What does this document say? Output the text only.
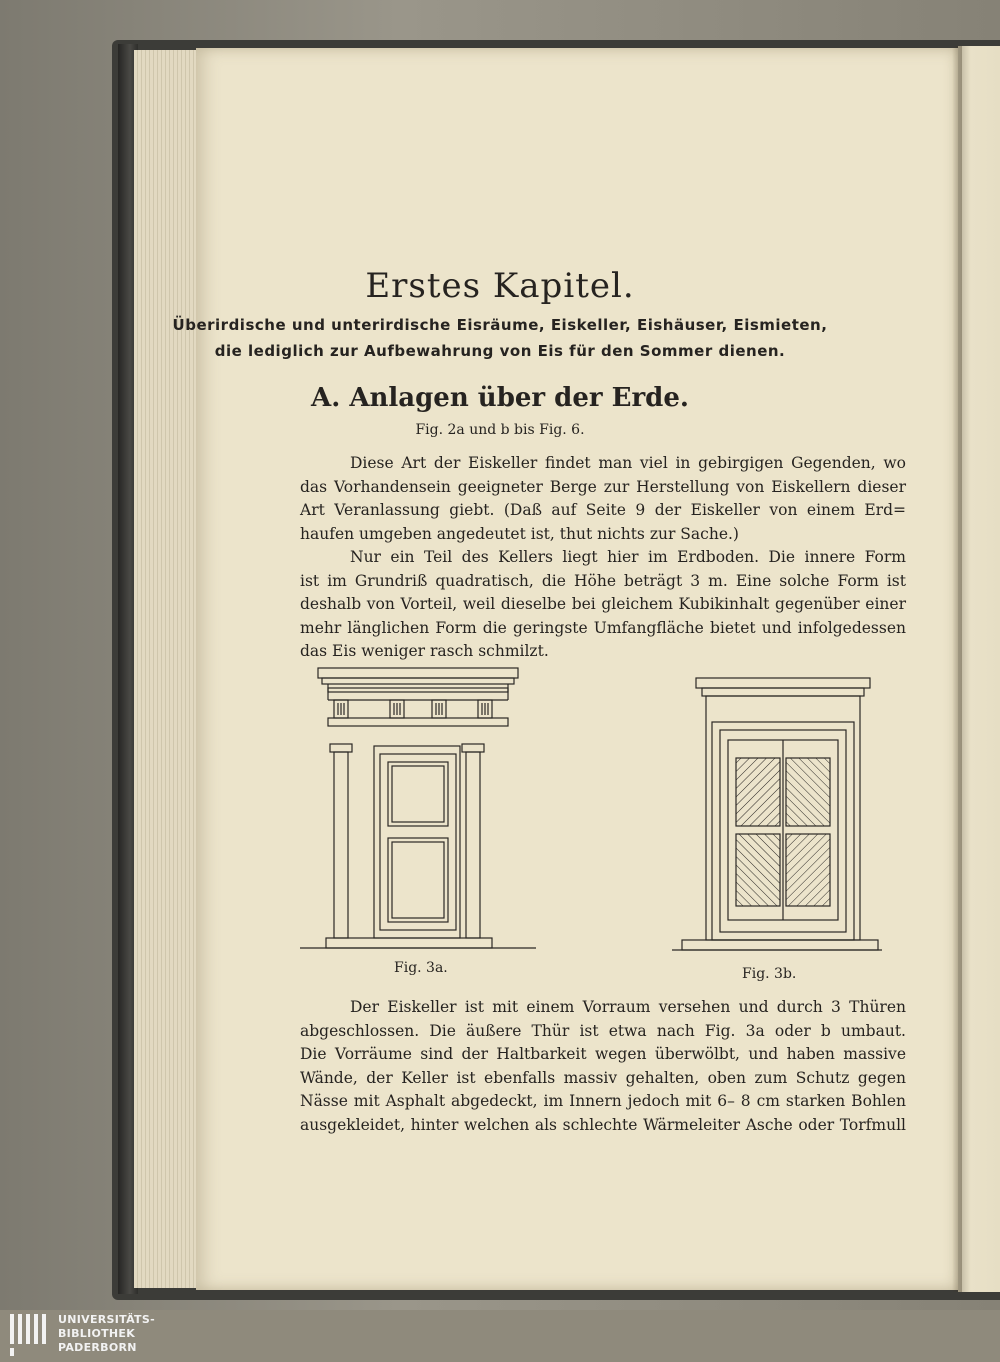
Erstes Kapitel.
Überirdische und unterirdische Eisräume, Eiskeller, Eishäuser, Eismieten,
die lediglich zur Aufbewahrung von Eis für den Sommer dienen.
A. Anlagen über der Erde.
Fig. 2a und b bis Fig. 6.
Diese Art der Eiskeller findet man viel in gebirgigen Gegenden, wo
das Vorhandensein geeigneter Berge zur Herstellung von Eiskellern dieser
Art Veranlassung giebt. (Daß auf Seite 9 der Eiskeller von einem Erd=
haufen umgeben angedeutet ist, thut nichts zur Sache.)
Nur ein Teil des Kellers liegt hier im Erdboden. Die innere Form
ist im Grundriß quadratisch, die Höhe beträgt 3 m. Eine solche Form ist
deshalb von Vorteil, weil dieselbe bei gleichem Kubikinhalt gegenüber einer
mehr länglichen Form die geringste Umfangfläche bietet und infolgedessen
das Eis weniger rasch schmilzt.
Fig. 3a.	Fig. 3b.
Der Eiskeller ist mit einem Vorraum versehen und durch 3 Thüren
abgeschlossen. Die äußere Thür ist etwa nach Fig. 3a oder b umbaut.
Die Vorräume sind der Haltbarkeit wegen überwölbt, und haben massive
Wände, der Keller ist ebenfalls massiv gehalten, oben zum Schutz gegen
Nässe mit Asphalt abgedeckt, im Innern jedoch mit 6– 8 cm starken Bohlen
ausgekleidet, hinter welchen als schlechte Wärmeleiter Asche oder Torfmull
UNIVERSITÄTS-
BIBLIOTHEK
PADERBORN
